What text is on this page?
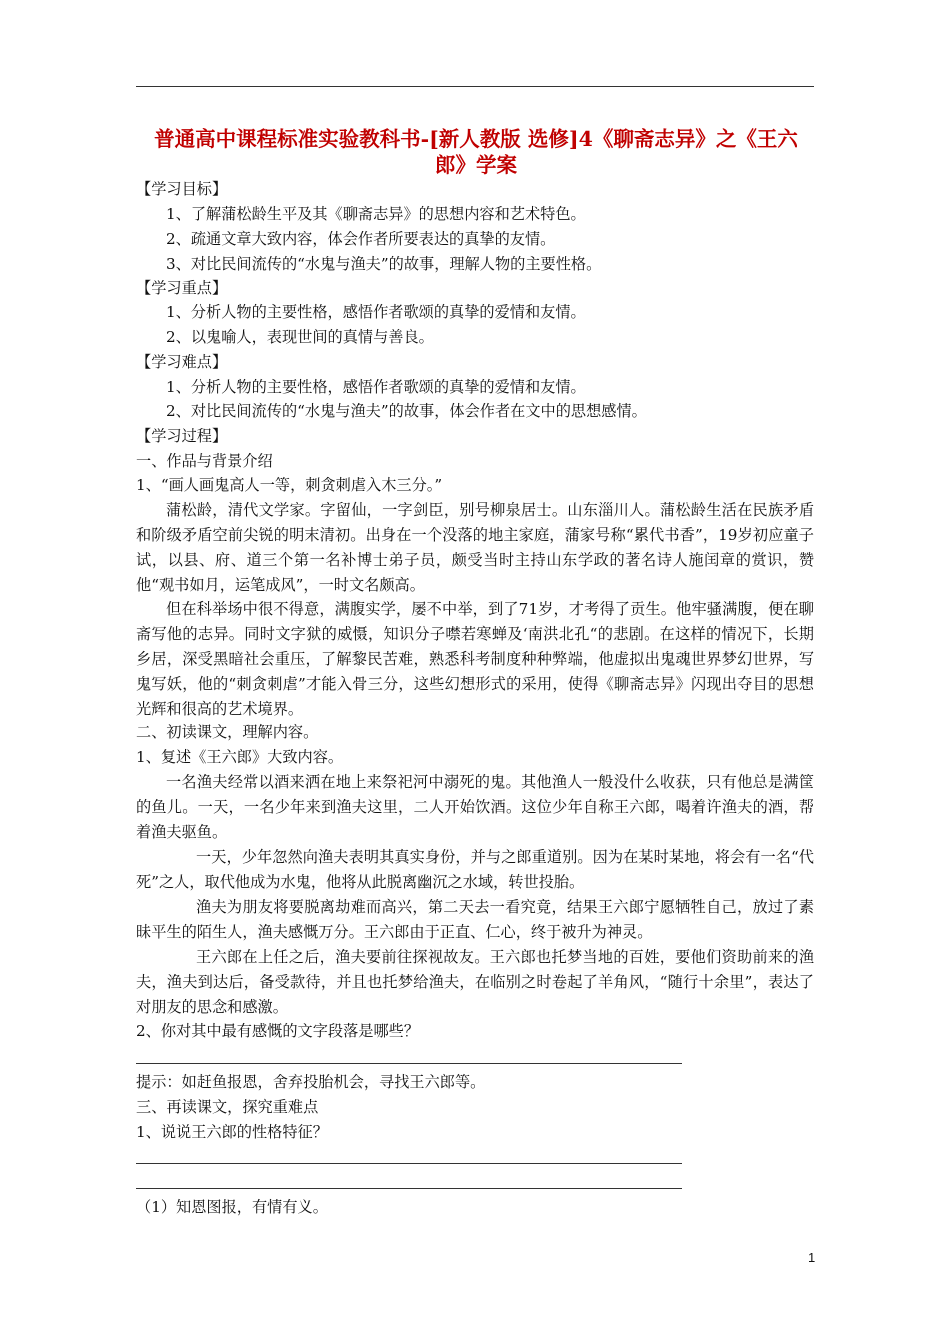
普通高中课程标准实验教科书-[新人教版 选修]4《聊斋志异》之《王六
郎》学案
【学习目标】
1、了解蒲松龄生平及其《聊斋志异》的思想内容和艺术特色。
2、疏通文章大致内容，体会作者所要表达的真挚的友情。
3、对比民间流传的“水鬼与渔夫”的故事，理解人物的主要性格。
【学习重点】
1、分析人物的主要性格，感悟作者歌颂的真挚的爱情和友情。
2、以鬼喻人，表现世间的真情与善良。
【学习难点】
1、分析人物的主要性格，感悟作者歌颂的真挚的爱情和友情。
2、对比民间流传的“水鬼与渔夫”的故事，体会作者在文中的思想感情。
【学习过程】
一、作品与背景介绍
1、“画人画鬼高人一等，刺贪刺虐入木三分。”
蒲松龄，清代文学家。字留仙，一字剑臣，别号柳泉居士。山东淄川人。蒲松龄生活在民族矛盾和阶级矛盾空前尖锐的明末清初。出身在一个没落的地主家庭，蒲家号称“累代书香”，19岁初应童子试，以县、府、道三个第一名补博士弟子员，颇受当时主持山东学政的著名诗人施闰章的赏识，赞他“观书如月，运笔成风”，一时文名颇高。
但在科举场中很不得意，满腹实学，屡不中举，到了71岁，才考得了贡生。他牢骚满腹，便在聊斋写他的志异。同时文字狱的威慑，知识分子噤若寒蝉及‘南洪北孔“的悲剧。在这样的情况下，长期乡居，深受黑暗社会重压，了解黎民苦难，熟悉科考制度种种弊端，他虚拟出鬼魂世界梦幻世界，写鬼写妖，他的“刺贪刺虐”才能入骨三分，这些幻想形式的采用，使得《聊斋志异》闪现出夺目的思想光辉和很高的艺术境界。
二、初读课文，理解内容。
1、复述《王六郎》大致内容。
一名渔夫经常以酒来洒在地上来祭祀河中溺死的鬼。其他渔人一般没什么收获，只有他总是满筐的鱼儿。一天，一名少年来到渔夫这里，二人开始饮酒。这位少年自称王六郎，喝着许渔夫的酒，帮着渔夫驱鱼。
一天，少年忽然向渔夫表明其真实身份，并与之郎重道别。因为在某时某地，将会有一名“代死”之人，取代他成为水鬼，他将从此脱离幽沉之水域，转世投胎。
渔夫为朋友将要脱离劫难而高兴，第二天去一看究竟，结果王六郎宁愿牺牲自己，放过了素昧平生的陌生人，渔夫感慨万分。王六郎由于正直、仁心，终于被升为神灵。
王六郎在上任之后，渔夫要前往探视故友。王六郎也托梦当地的百姓，要他们资助前来的渔夫，渔夫到达后，备受款待，并且也托梦给渔夫，在临别之时卷起了羊角风，“随行十余里”，表达了对朋友的思念和感激。
2、你对其中最有感慨的文字段落是哪些？
提示：如赶鱼报恩，舍弃投胎机会，寻找王六郎等。
三、再读课文，探究重难点
1、说说王六郎的性格特征？
（1）知恩图报，有情有义。
1
